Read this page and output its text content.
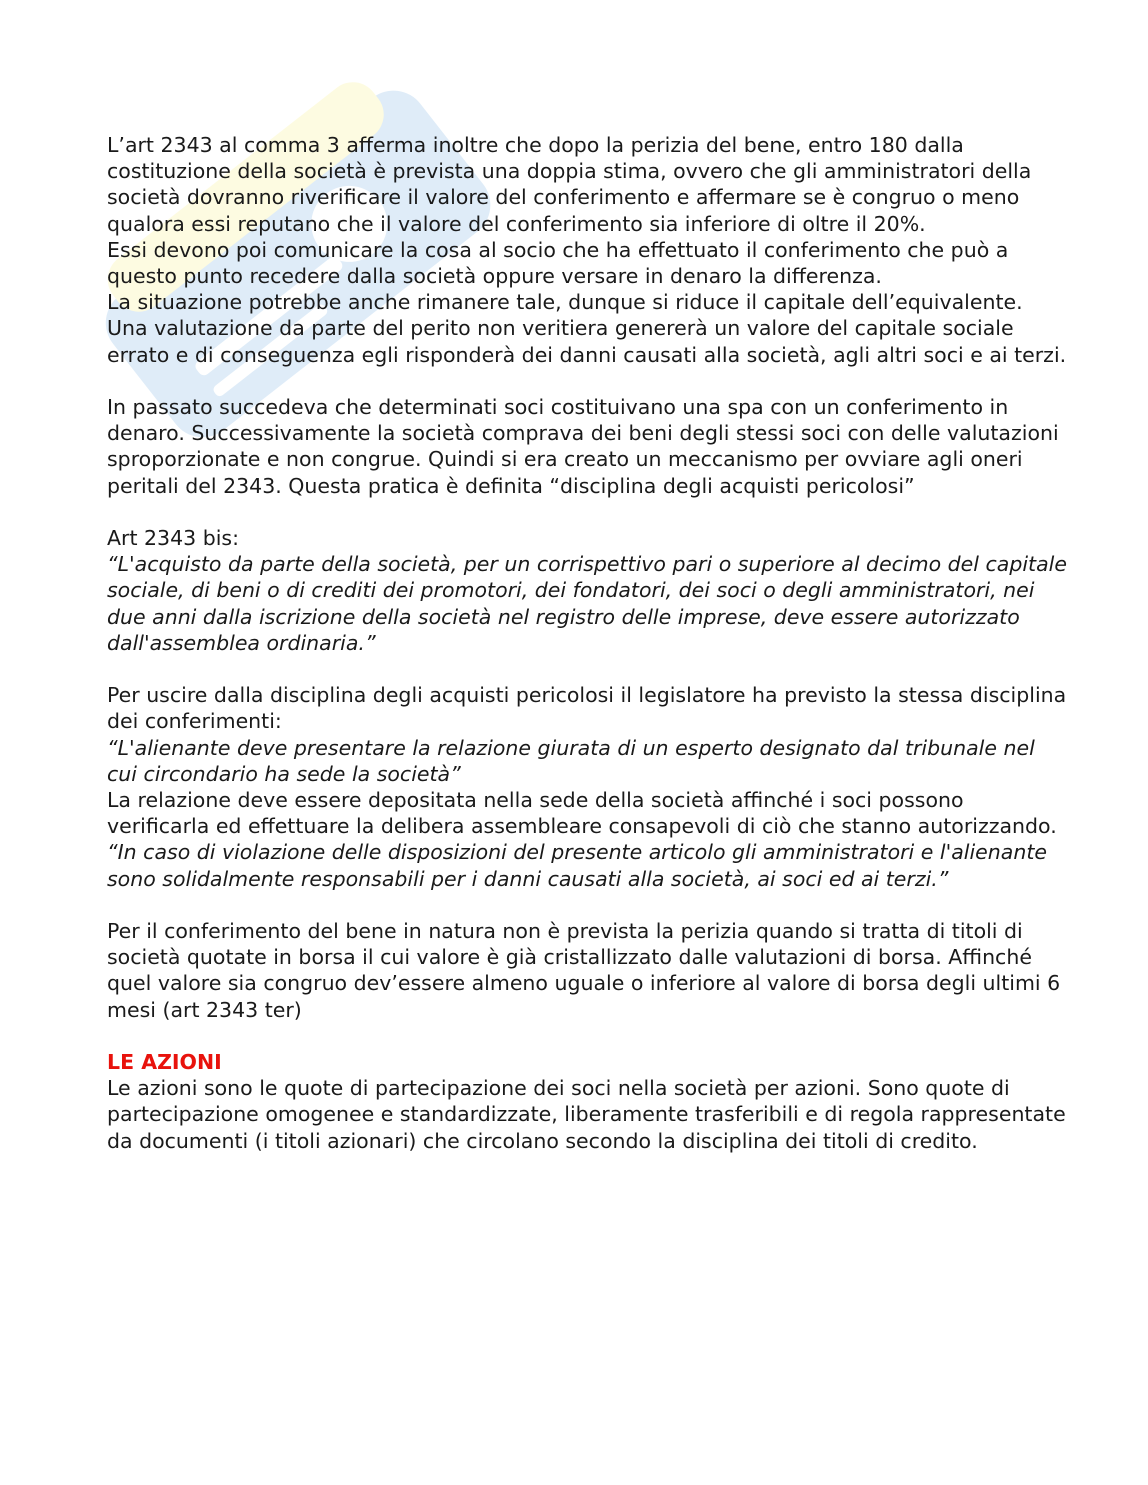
L’art 2343 al comma 3 afferma inoltre che dopo la perizia del bene, entro 180 dalla costituzione della società è prevista una doppia stima, ovvero che gli amministratori della società dovranno riverificare il valore del conferimento e affermare se è congruo o meno qualora essi reputano che il valore del conferimento sia inferiore di oltre il 20%.

Essi devono poi comunicare la cosa al socio che ha effettuato il conferimento che può a questo punto recedere dalla società oppure versare in denaro la differenza.

La situazione potrebbe anche rimanere tale, dunque si riduce il capitale dell’equivalente.

Una valutazione da parte del perito non veritiera genererà un valore del capitale sociale errato e di conseguenza egli risponderà dei danni causati alla società, agli altri soci e ai terzi.

In passato succedeva che determinati soci costituivano una spa con un conferimento in denaro. Successivamente la società comprava dei beni degli stessi soci con delle valutazioni sproporzionate e non congrue. Quindi si era creato un meccanismo per ovviare agli oneri peritali del 2343. Questa pratica è definita “disciplina degli acquisti pericolosi”

Art 2343 bis:

“L'acquisto da parte della società, per un corrispettivo pari o superiore al decimo del capitale sociale, di beni o di crediti dei promotori, dei fondatori, dei soci o degli amministratori, nei due anni dalla iscrizione della società nel registro delle imprese, deve essere autorizzato dall'assemblea ordinaria.”

Per uscire dalla disciplina degli acquisti pericolosi il legislatore ha previsto la stessa disciplina dei conferimenti:

“L'alienante deve presentare la relazione giurata di un esperto designato dal tribunale nel cui circondario ha sede la società”

La relazione deve essere depositata nella sede della società affinché i soci possono verificarla ed effettuare la delibera assembleare consapevoli di ciò che stanno autorizzando.

“In caso di violazione delle disposizioni del presente articolo gli amministratori e l'alienante sono solidalmente responsabili per i danni causati alla società, ai soci ed ai terzi.”

Per il conferimento del bene in natura non è prevista la perizia quando si tratta di titoli di società quotate in borsa il cui valore è già cristallizzato dalle valutazioni di borsa. Affinché quel valore sia congruo dev’essere almeno uguale o inferiore al valore di borsa degli ultimi 6 mesi (art 2343 ter)

LE AZIONI

Le azioni sono le quote di partecipazione dei soci nella società per azioni. Sono quote di partecipazione omogenee e standardizzate, liberamente trasferibili e di regola rappresentate da documenti (i titoli azionari) che circolano secondo la disciplina dei titoli di credito.
